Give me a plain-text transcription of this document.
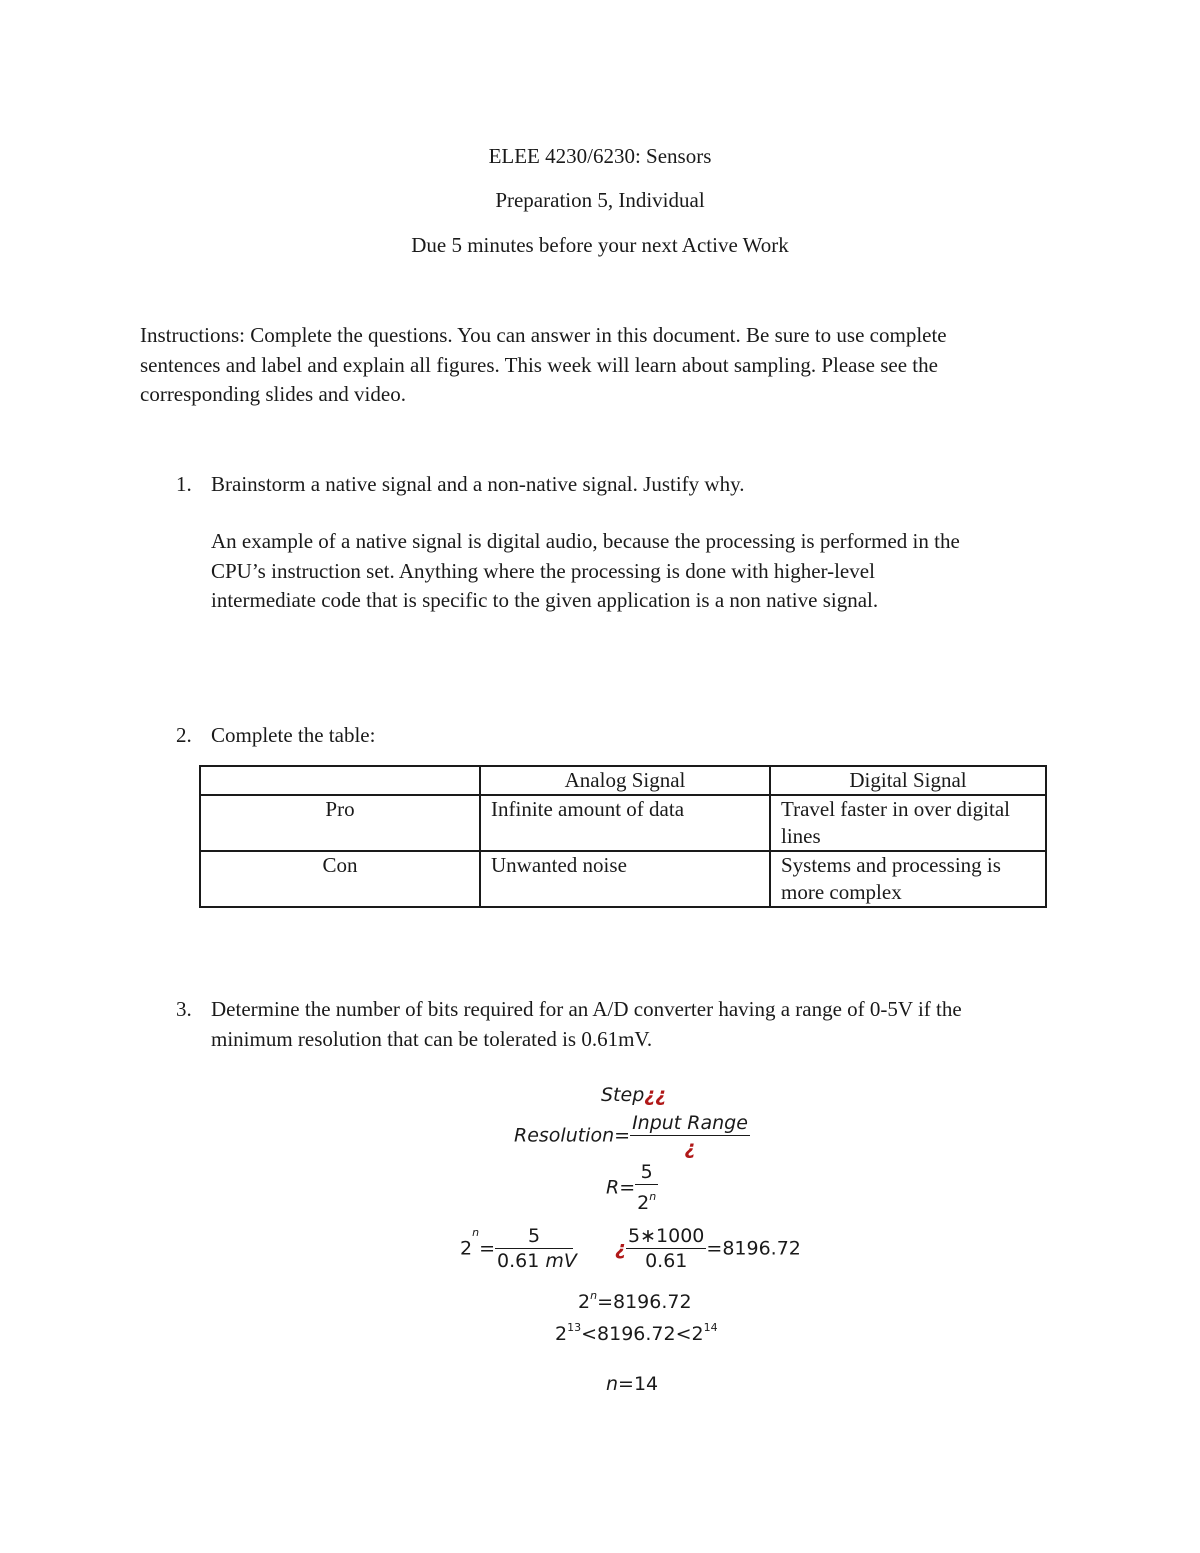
ELEE 4230/6230: Sensors
Preparation 5, Individual
Due 5 minutes before your next Active Work
Instructions: Complete the questions. You can answer in this document. Be sure to use complete
sentences and label and explain all figures. This week will learn about sampling. Please see the
corresponding slides and video.
1. Brainstorm a native signal and a non-native signal. Justify why.
An example of a native signal is digital audio, because the processing is performed in the
CPU’s instruction set. Anything where the processing is done with higher-level
intermediate code that is specific to the given application is a non native signal.
2. Complete the table:
	Analog Signal	Digital Signal
Pro	Infinite amount of data	Travel faster in over digital lines
Con	Unwanted noise	Systems and processing is more complex
3. Determine the number of bits required for an A/D converter having a range of 0-5V if the
minimum resolution that can be tolerated is 0.61mV.
Step¿¿
Resolution= $\frac{\text{Input Range}}{¿}$
$R= \frac{5}{2^n}$
$2^n= \frac{5}{0.61 mV}$ ¿ $\frac{5∗1000}{0.61} =8196.72$
$2^n=8196.72$
$2^{13}<8196.72<2^{14}$
n=14
